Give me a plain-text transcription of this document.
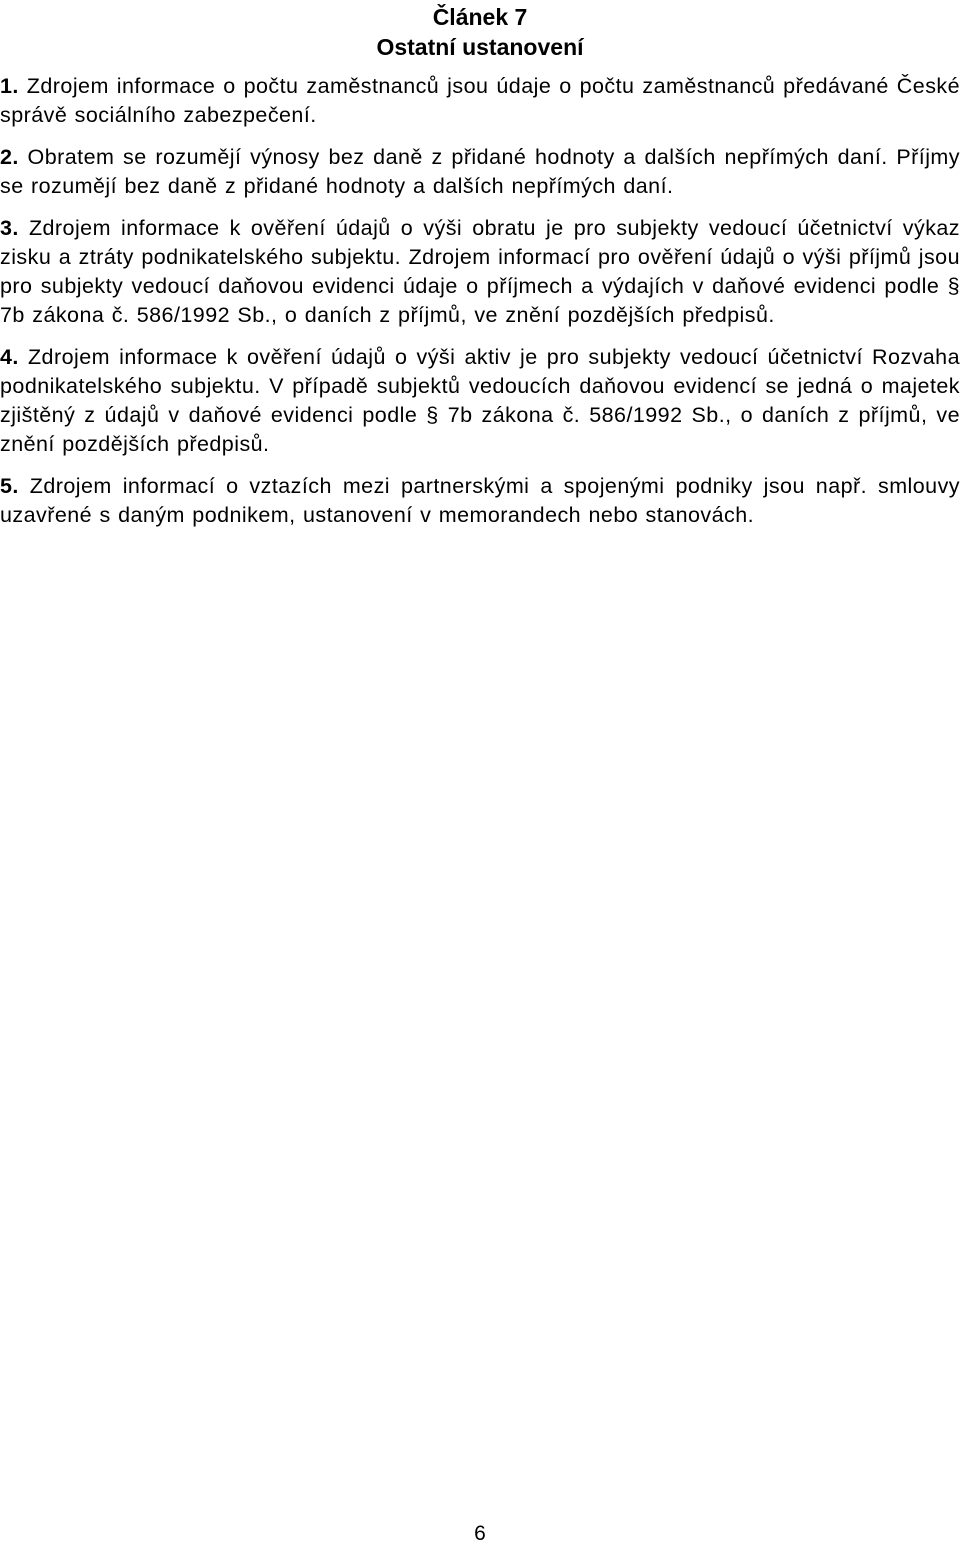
Článek 7

Ostatní ustanovení

1. Zdrojem informace o počtu zaměstnanců jsou údaje o počtu zaměstnanců předávané České správě sociálního zabezpečení.

2. Obratem se rozumějí výnosy bez daně z přidané hodnoty a dalších nepřímých daní. Příjmy se rozumějí bez daně z přidané hodnoty a dalších nepřímých daní.

3. Zdrojem informace k ověření údajů o výši obratu je pro subjekty vedoucí účetnictví výkaz zisku a ztráty podnikatelského subjektu. Zdrojem informací pro ověření údajů o výši příjmů jsou pro subjekty vedoucí daňovou evidenci údaje o příjmech a výdajích v daňové evidenci podle § 7b zákona č. 586/1992 Sb., o daních z příjmů, ve znění pozdějších předpisů.

4. Zdrojem informace k ověření údajů o výši aktiv je pro subjekty vedoucí účetnictví Rozvaha podnikatelského subjektu. V případě subjektů vedoucích daňovou evidencí se jedná o majetek zjištěný z údajů v daňové evidenci podle § 7b zákona č. 586/1992 Sb., o daních z příjmů, ve znění pozdějších předpisů.

5. Zdrojem informací o vztazích mezi partnerskými a spojenými podniky jsou např. smlouvy uzavřené s daným podnikem, ustanovení v memorandech nebo stanovách.

6
